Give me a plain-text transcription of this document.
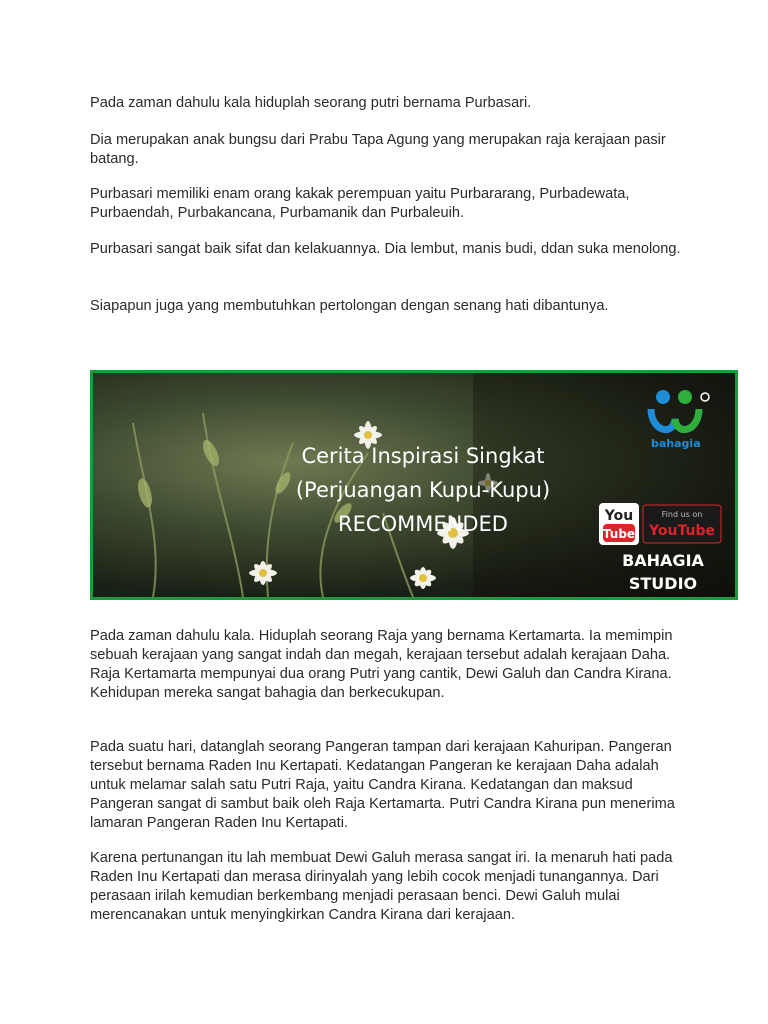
Pada zaman dahulu kala hiduplah seorang putri bernama Purbasari.

Dia merupakan anak bungsu dari Prabu Tapa Agung yang merupakan raja kerajaan pasir batang.

Purbasari memiliki enam orang kakak perempuan yaitu Purbararang, Purbadewata, Purbaendah, Purbakancana, Purbamanik dan Purbaleuih.

Purbasari sangat baik sifat dan kelakuannya. Dia lembut, manis budi, ddan suka menolong.

Siapapun juga yang membutuhkan pertolongan dengan senang hati dibantunya.

Cerita Inspirasi Singkat
(Perjuangan Kupu-Kupu)
RECOMMENDED
bahagia
You
Tube
Find us on
YouTube
BAHAGIA
STUDIO

Pada zaman dahulu kala. Hiduplah seorang Raja yang bernama Kertamarta. Ia memimpin sebuah kerajaan yang sangat indah dan megah, kerajaan tersebut adalah kerajaan Daha. Raja Kertamarta mempunyai dua orang Putri yang cantik, Dewi Galuh dan Candra Kirana. Kehidupan mereka sangat bahagia dan berkecukupan.

Pada suatu hari, datanglah seorang Pangeran tampan dari kerajaan Kahuripan. Pangeran tersebut bernama Raden Inu Kertapati. Kedatangan Pangeran ke kerajaan Daha adalah untuk melamar salah satu Putri Raja, yaitu Candra Kirana. Kedatangan dan maksud Pangeran sangat di sambut baik oleh Raja Kertamarta. Putri Candra Kirana pun menerima lamaran Pangeran Raden Inu Kertapati.

Karena pertunangan itu lah membuat Dewi Galuh merasa sangat iri. Ia menaruh hati pada Raden Inu Kertapati dan merasa dirinyalah yang lebih cocok menjadi tunangannya. Dari perasaan irilah kemudian berkembang menjadi perasaan benci. Dewi Galuh mulai merencanakan untuk menyingkirkan Candra Kirana dari kerajaan.
